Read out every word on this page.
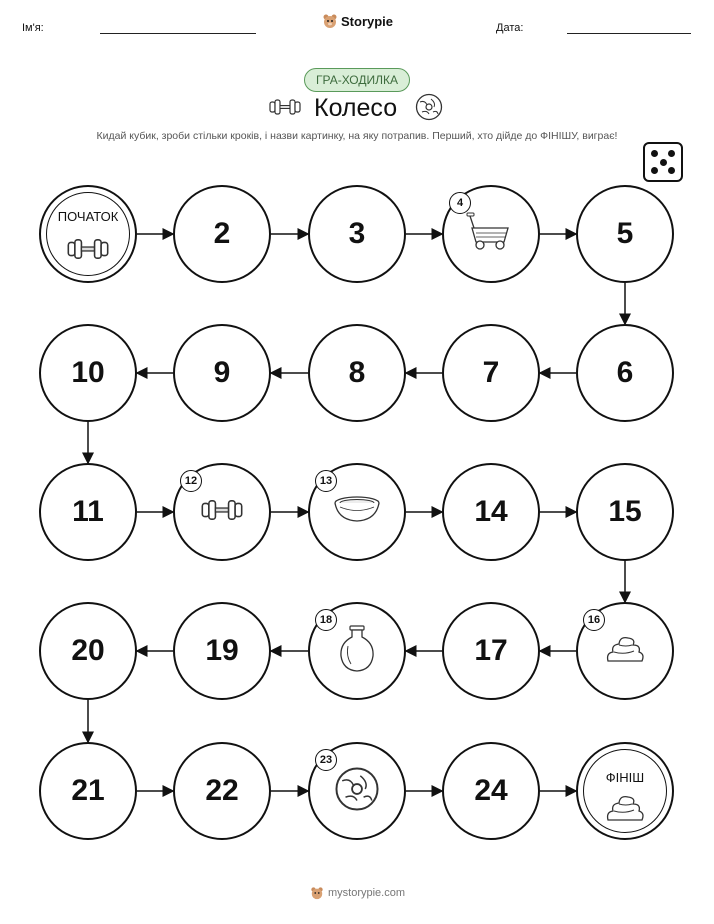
Ім'я:	Storypie	Дата:
ГРА-ХОДИЛКА
Колесо
Кидай кубик, зроби стільки кроків, і назви картинку, на яку потрапив. Перший, хто дійде до ФІНІШУ, виграє!
ПОЧАТОК
2	3
4
5
6
7
8
9
10
11
12	13
14	15
16
17
18
19
20
21	22
23
24	ФІНІШ
mystorypie.com
